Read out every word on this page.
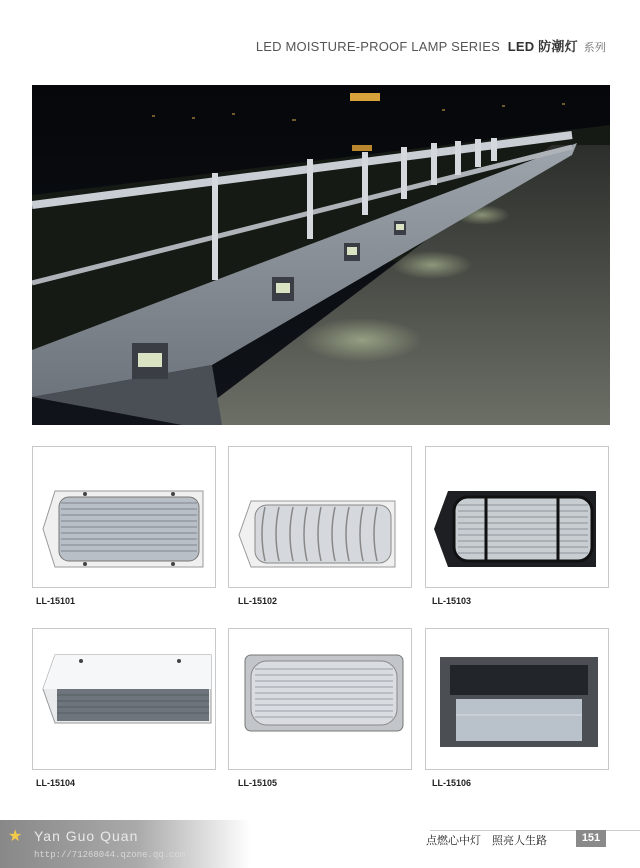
LED MOISTURE-PROOF LAMP SERIES LED 防潮灯 系列
LL-15101	LL-15102	LL-15103
LL-15104	LL-15105	LL-15106
★ Yan Guo Quan
http://71268044.qzone.qq.com
点燃心中灯　照亮人生路	151
